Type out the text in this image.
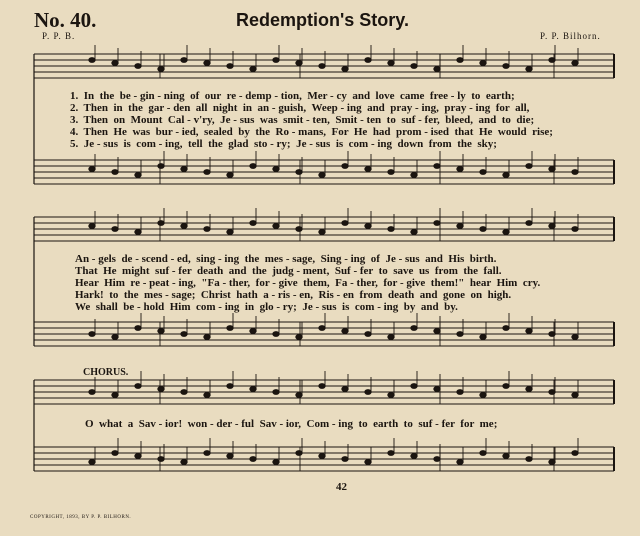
No. 40.	Redemption's Story.
P. P. B.	P. P. Bilhorn.
1.  In  the  be - gin - ning  of  our  re - demp - tion,  Mer - cy  and  love  came  free - ly  to  earth;
2.  Then  in  the  gar - den  all  night  in  an - guish,  Weep - ing  and  pray - ing,  pray - ing  for  all,
3.  Then  on  Mount  Cal - v'ry,  Je - sus  was  smit - ten,  Smit - ten  to  suf - fer,  bleed,  and  to  die;
4.  Then  He  was  bur - ied,  sealed  by  the  Ro - mans,  For  He  had  prom - ised  that  He  would  rise;
5.  Je - sus  is  com - ing,  tell  the  glad  sto - ry;  Je - sus  is  com - ing  down  from  the  sky;
An - gels  de - scend - ed,  sing - ing  the  mes - sage,  Sing - ing  of  Je - sus  and  His  birth.
That  He  might  suf - fer  death  and  the  judg - ment,  Suf - fer  to  save  us  from  the  fall.
Hear  Him  re - peat - ing,  "Fa - ther,  for - give  them,  Fa - ther,  for - give  them!"  hear  Him  cry.
Hark!  to  the  mes - sage;  Christ  hath  a - ris - en,  Ris - en  from  death  and  gone  on  high.
We  shall  be - hold  Him  com - ing  in  glo - ry;  Je - sus  is  com - ing  by  and  by.
CHORUS.
O  what  a  Sav - ior!  won - der - ful  Sav - ior,  Com - ing  to  earth  to  suf - fer  for  me;
42
COPYRIGHT, 1893, BY P. P. BILHORN.
